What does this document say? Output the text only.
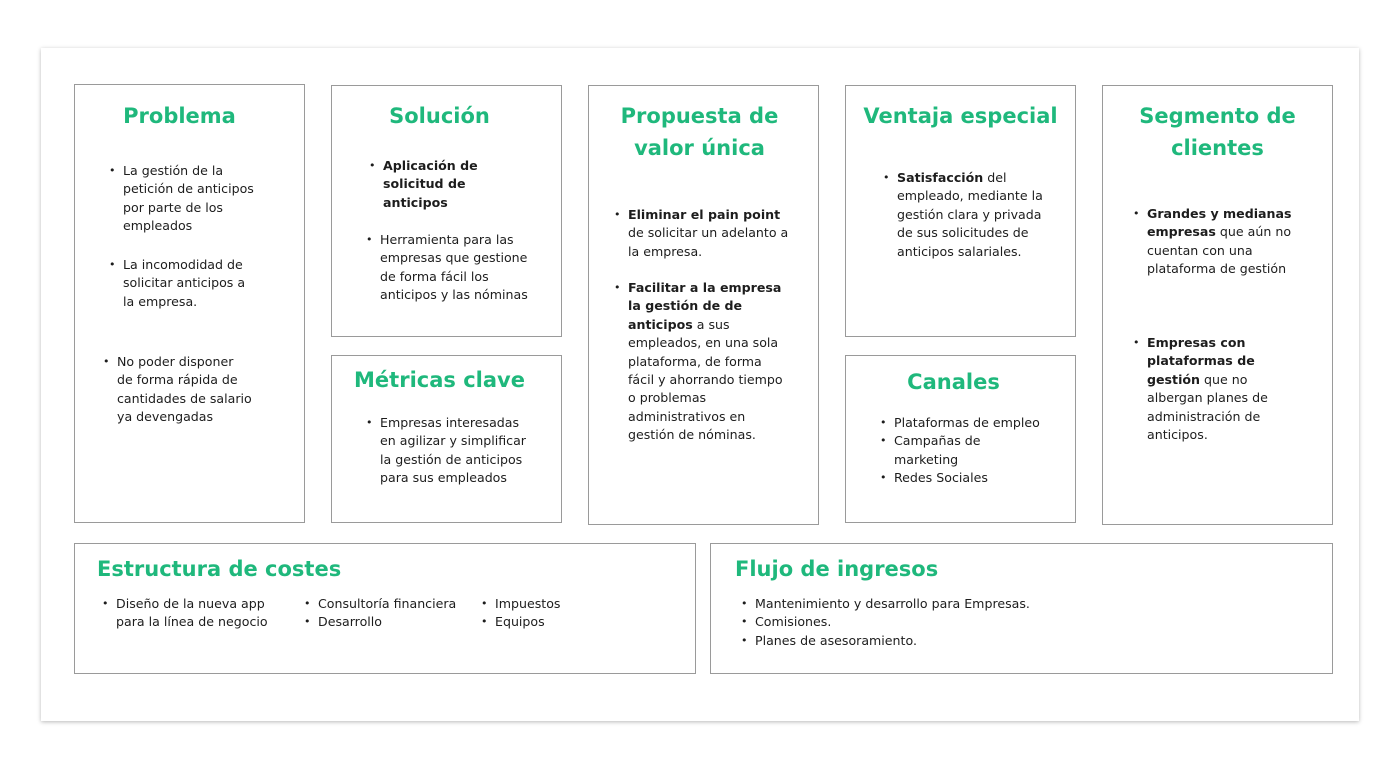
Problema
• La gestión de la petición de anticipos por parte de los empleados
• La incomodidad de solicitar anticipos a la empresa.
• No poder disponer de forma rápida de cantidades de salario ya devengadas
Solución
• Aplicación de solicitud de anticipos
• Herramienta para las empresas que gestione de forma fácil los anticipos y las nóminas
Métricas clave
• Empresas interesadas en agilizar y simplificar la gestión de anticipos para sus empleados
Propuesta de
valor única
• Eliminar el pain point de solicitar un adelanto a la empresa.
• Facilitar a la empresa la gestión de de anticipos a sus empleados, en una sola plataforma, de forma fácil y ahorrando tiempo o problemas administrativos en gestión de nóminas.
Ventaja especial
• Satisfacción del empleado, mediante la gestión clara y privada de sus solicitudes de anticipos salariales.
Canales
• Plataformas de empleo
• Campañas de marketing
• Redes Sociales
Segmento de
clientes
• Grandes y medianas empresas que aún no cuentan con una plataforma de gestión
• Empresas con plataformas de gestión que no albergan planes de administración de anticipos.
Estructura de costes
• Diseño de la nueva app para la línea de negocio
• Consultoría financiera
• Desarrollo
• Impuestos
• Equipos
Flujo de ingresos
• Mantenimiento y desarrollo para Empresas.
• Comisiones.
• Planes de asesoramiento.
